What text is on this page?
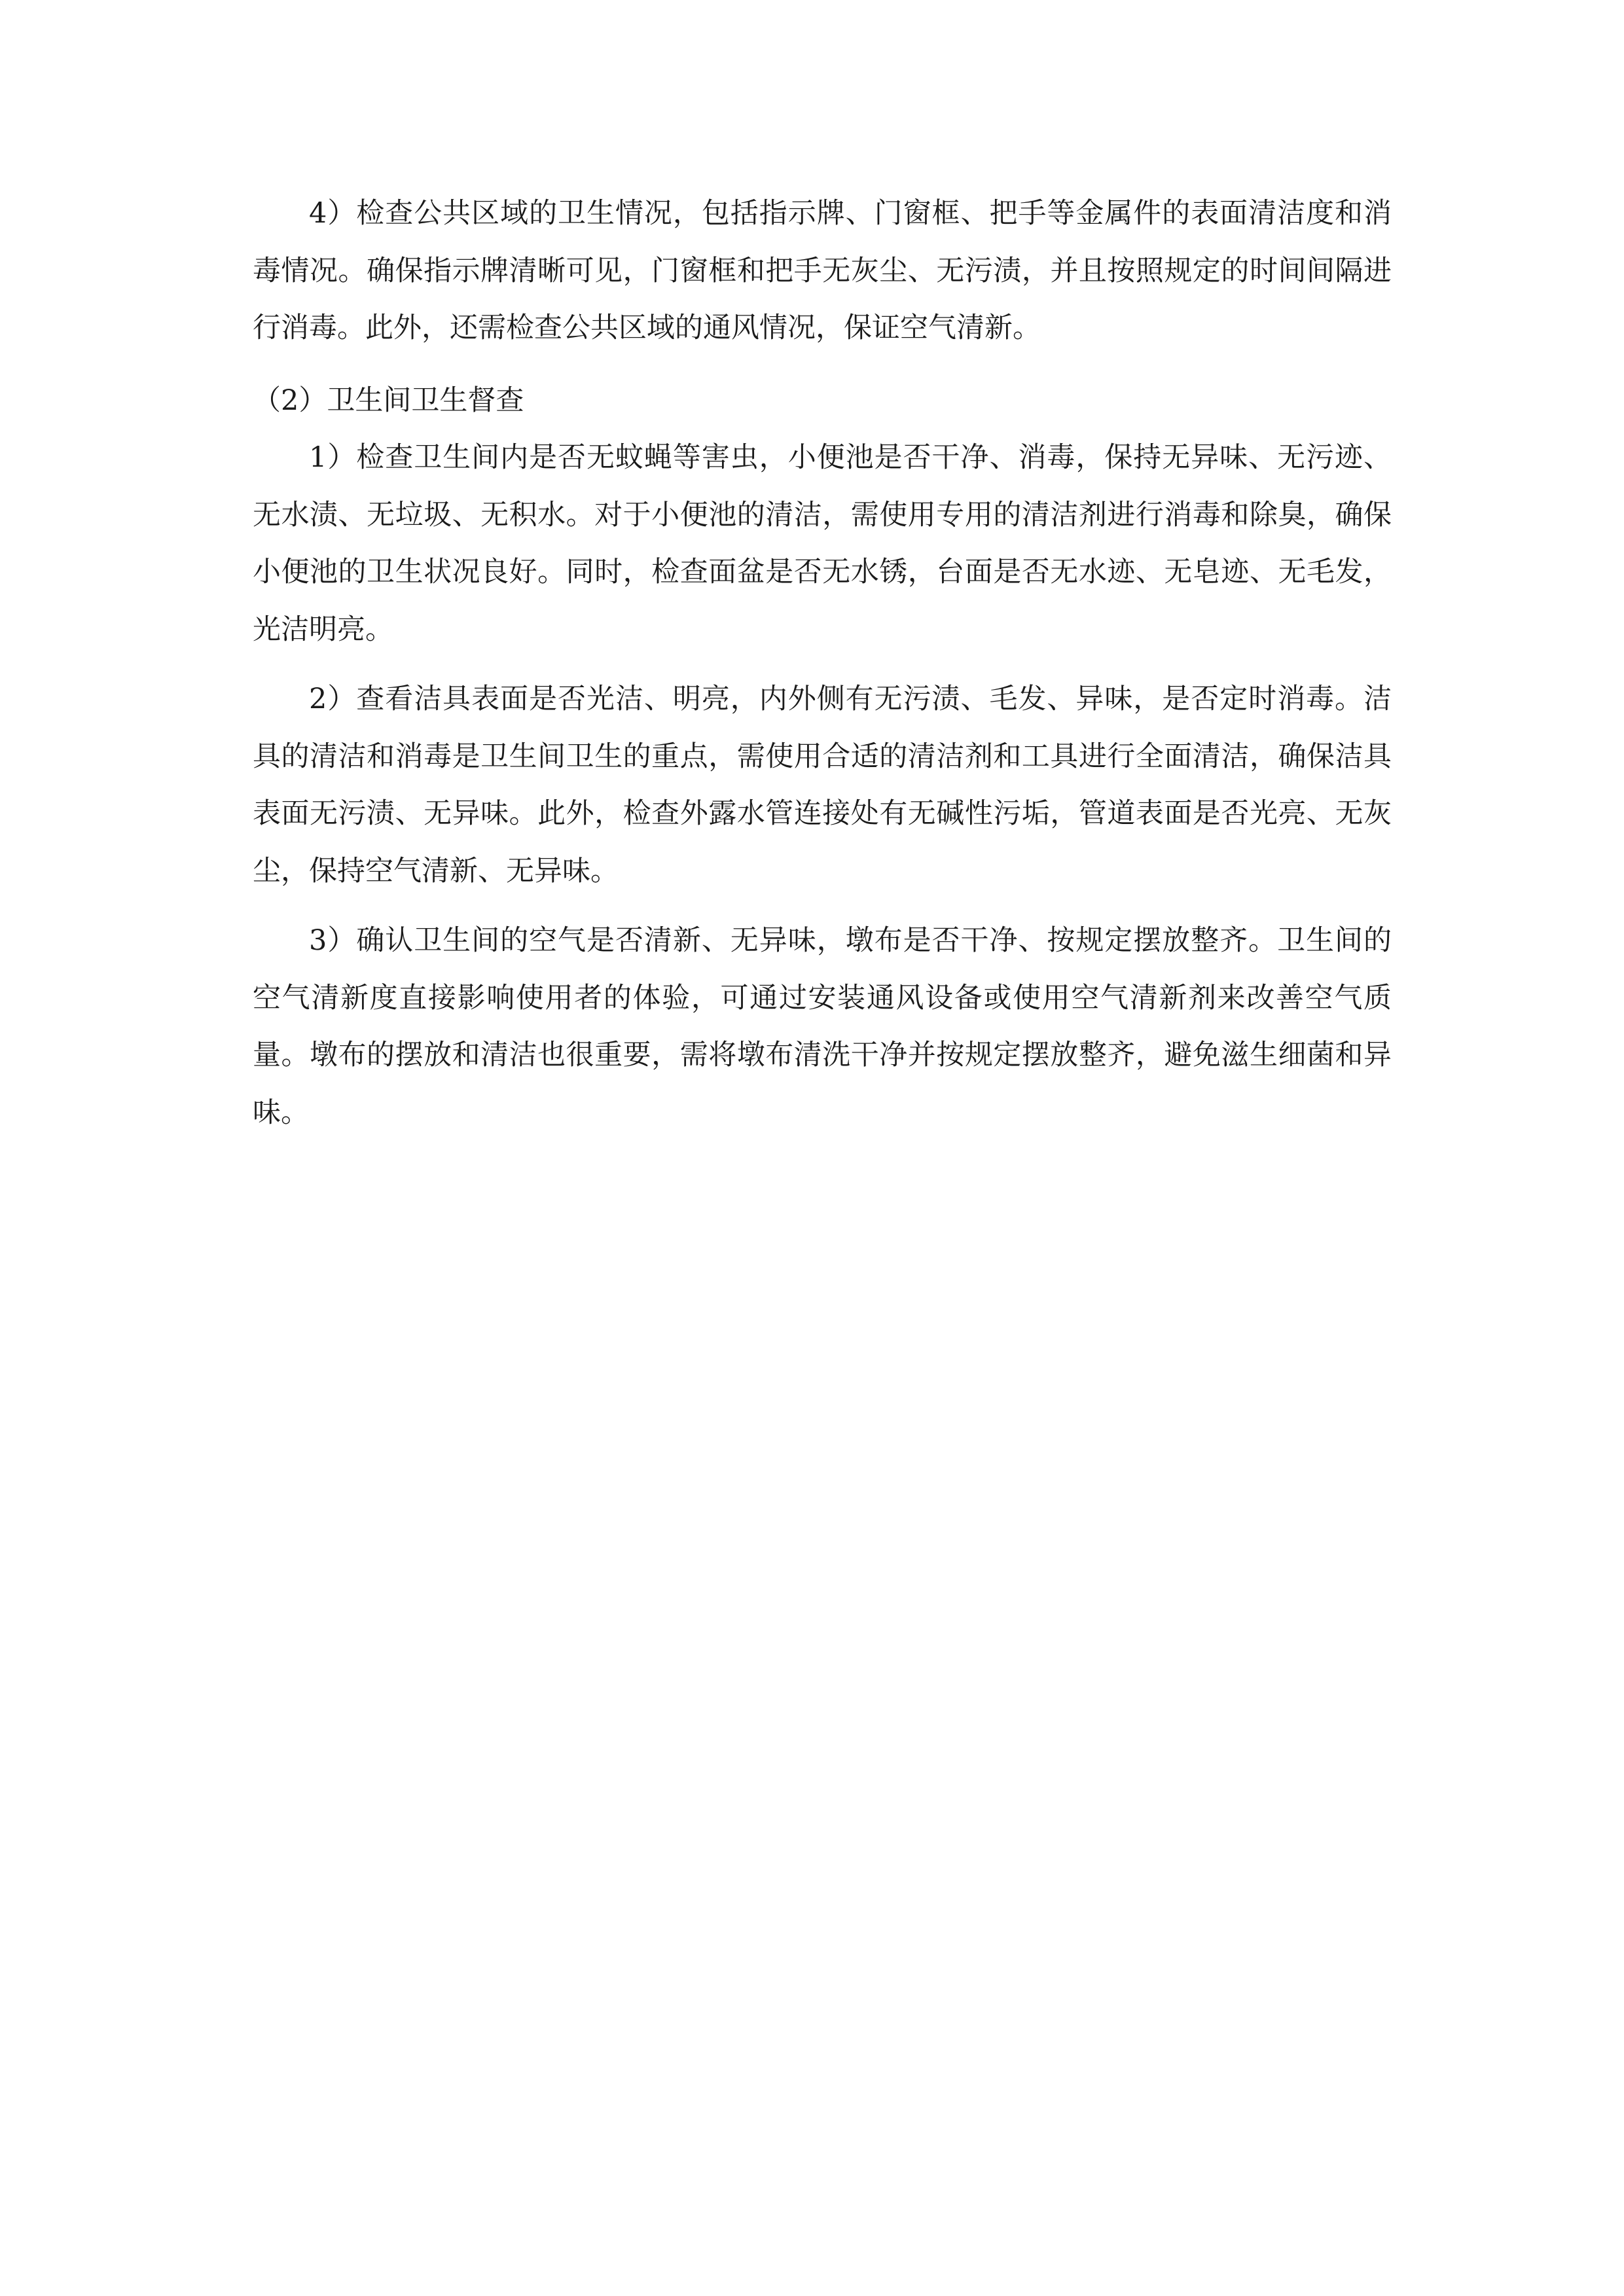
4）检查公共区域的卫生情况，包括指示牌、门窗框、把手等金属件的表面清洁度和消毒情况。确保指示牌清晰可见，门窗框和把手无灰尘、无污渍，并且按照规定的时间间隔进行消毒。此外，还需检查公共区域的通风情况，保证空气清新。

（2）卫生间卫生督查

1）检查卫生间内是否无蚊蝇等害虫，小便池是否干净、消毒，保持无异味、无污迹、无水渍、无垃圾、无积水。对于小便池的清洁，需使用专用的清洁剂进行消毒和除臭，确保小便池的卫生状况良好。同时，检查面盆是否无水锈，台面是否无水迹、无皂迹、无毛发，光洁明亮。

2）查看洁具表面是否光洁、明亮，内外侧有无污渍、毛发、异味，是否定时消毒。洁具的清洁和消毒是卫生间卫生的重点，需使用合适的清洁剂和工具进行全面清洁，确保洁具表面无污渍、无异味。此外，检查外露水管连接处有无碱性污垢，管道表面是否光亮、无灰尘，保持空气清新、无异味。

3）确认卫生间的空气是否清新、无异味，墩布是否干净、按规定摆放整齐。卫生间的空气清新度直接影响使用者的体验，可通过安装通风设备或使用空气清新剂来改善空气质量。墩布的摆放和清洁也很重要，需将墩布清洗干净并按规定摆放整齐，避免滋生细菌和异味。
